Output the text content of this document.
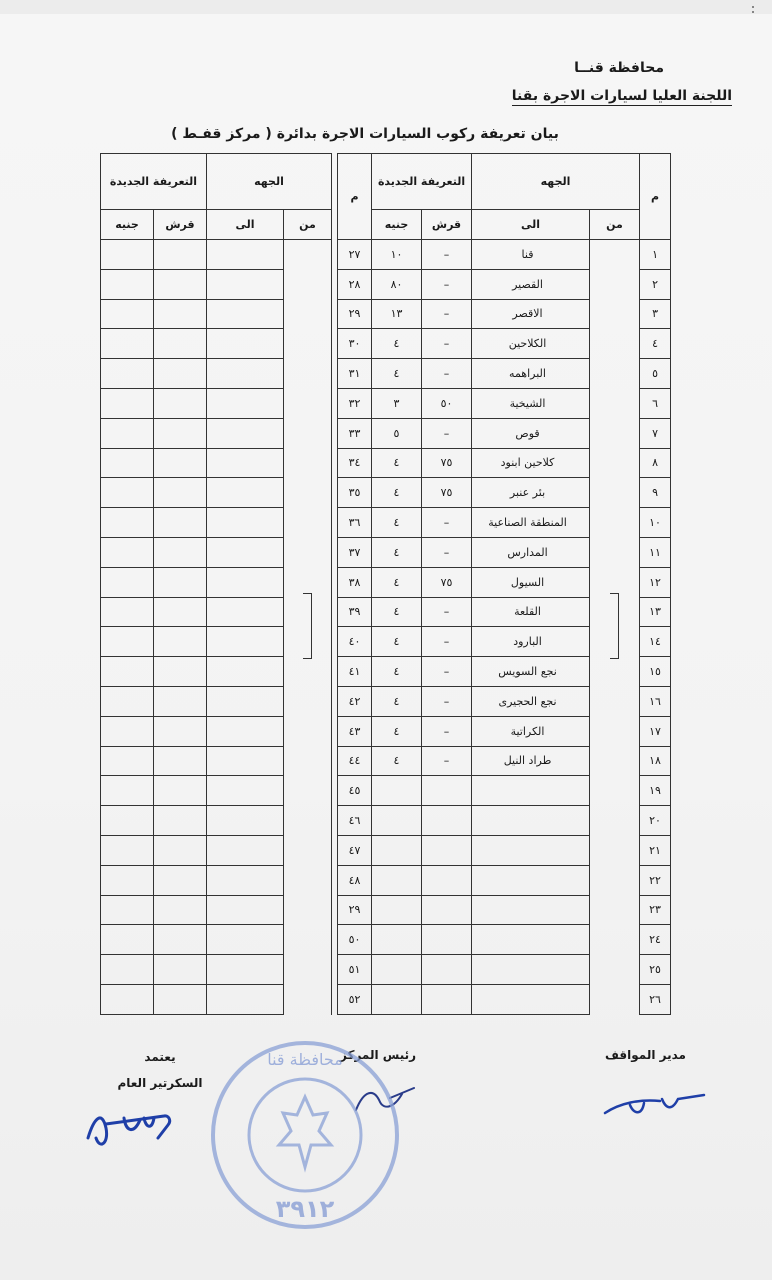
محافظة قنــا
اللجنة العليا لسيارات الاجرة بقنا
بيان تعريفة ركوب السيارات الاجرة بدائرة ( مركز قفـط )
التعريفة الجديدة		الجهه			م	التعريفة الجديدة		الجهه		م
جنيه	قرش	الى	من			جنيه	قرش	الى	من	
					٢٧	١٠	–	قنا		١
					٢٨	٨٠	–	القصير		٢
					٢٩	١٣	–	الاقصر		٣
					٣٠	٤	–	الكلاحين		٤
					٣١	٤	–	البراهمه		٥
					٣٢	٣	٥٠	الشيخية		٦
					٣٣	٥	–	قوص		٧
					٣٤	٤	٧٥	كلاحين ابنود		٨
					٣٥	٤	٧٥	بئر عنبر		٩
					٣٦	٤	–	المنطقة الصناعية		١٠
					٣٧	٤	–	المدارس		١١
					٣٨	٤	٧٥	السيول		١٢
					٣٩	٤	–	القلعة		١٣
					٤٠	٤	–	البارود		١٤
					٤١	٤	–	نجع السويس		١٥
					٤٢	٤	–	نجع الحجيرى		١٦
					٤٣	٤	–	الكراتية		١٧
					٤٤	٤	–	طراد النيل		١٨
					٤٥					١٩
					٤٦					٢٠
					٤٧					٢١
					٤٨					٢٢
					٢٩					٢٣
					٥٠					٢٤
					٥١					٢٥
					٥٢					٢٦
يعتمد
السكرتير العام
رئيس المركز	مدير المواقف
محافظة قنا
٣٩١٢
